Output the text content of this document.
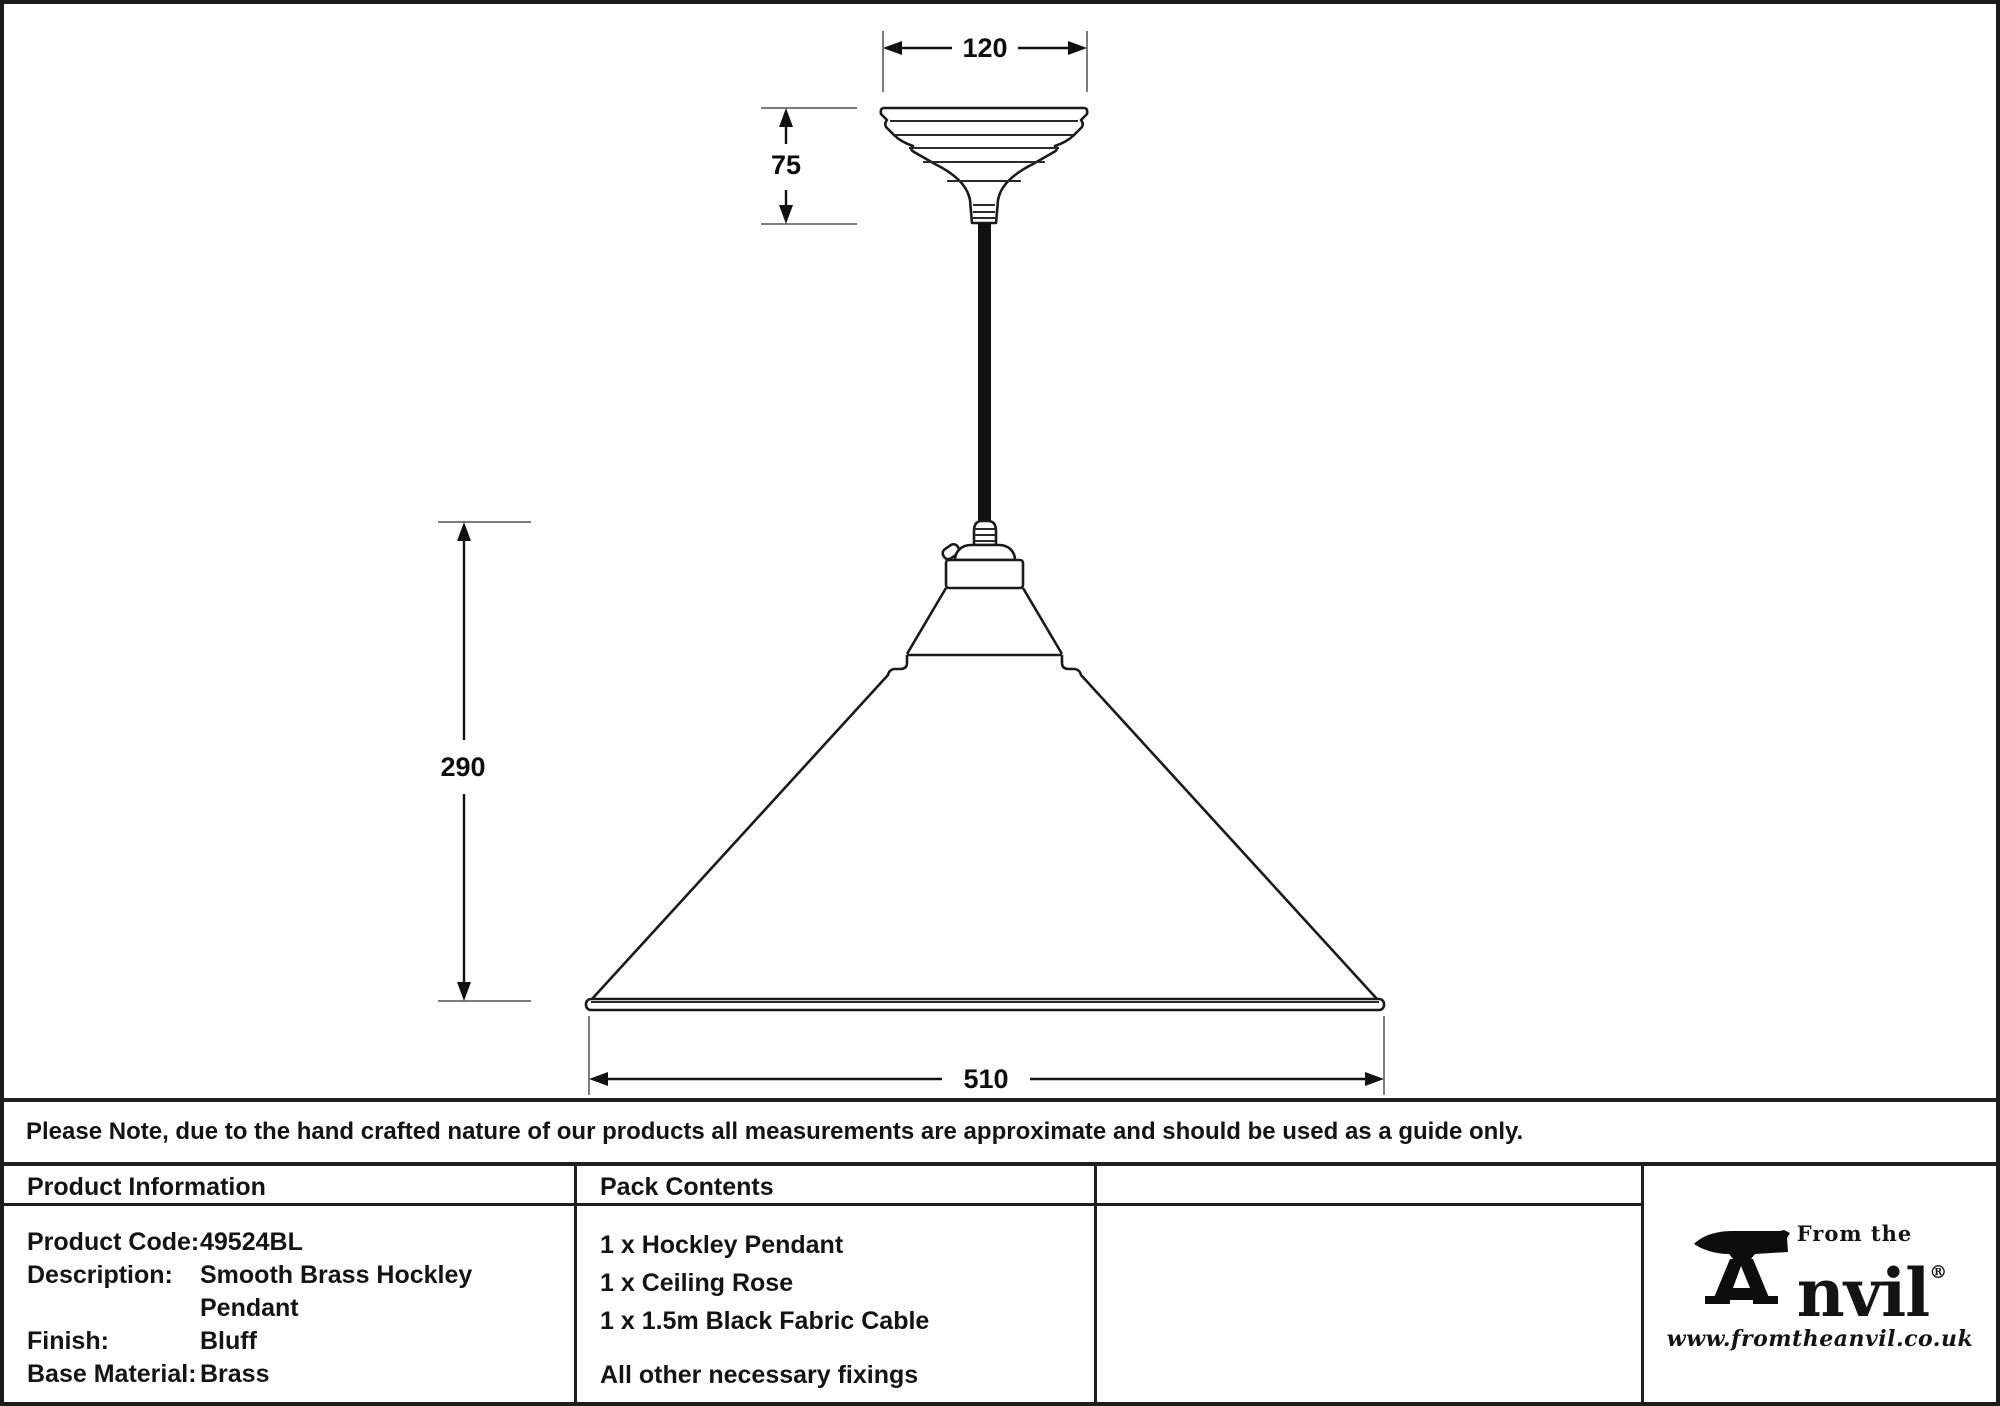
120
75
290
510
Please Note, due to the hand crafted nature of our products all measurements are approximate and should be used as a guide only.
Product Information
Product Code: 49524BL
Description:	Smooth Brass Hockley Pendant
Finish:	Bluff
Base Material: Brass
Pack Contents
1 x Hockley Pendant
1 x Ceiling Rose
1 x 1.5m Black Fabric Cable
All other necessary fixings
From the
nvil®
www.fromtheanvil.co.uk
